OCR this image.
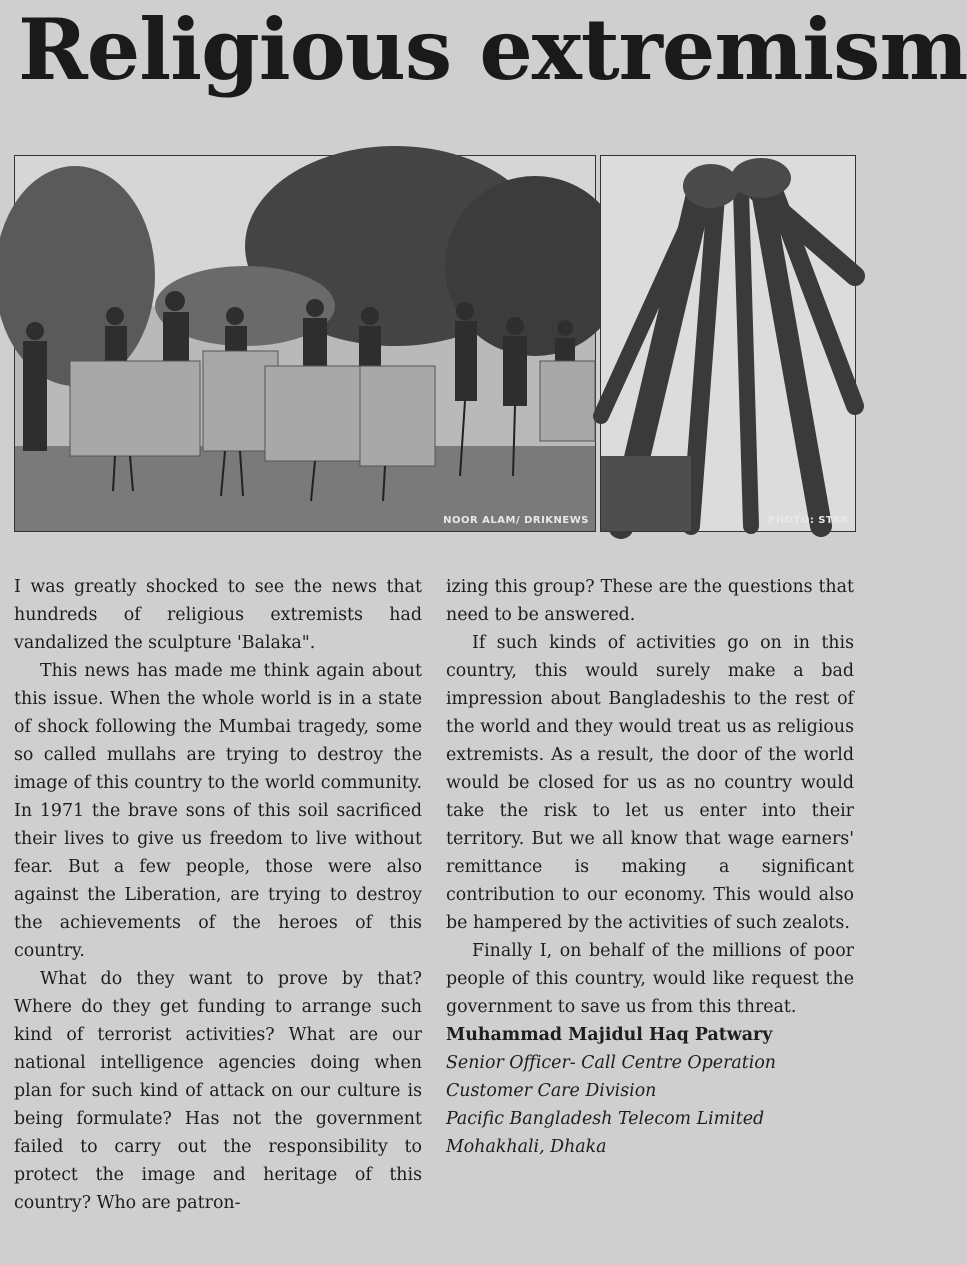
Religious extremism
NOOR ALAM/ DRIKNEWS	PHOTO: STAR

I was greatly shocked to see the news that hundreds of religious extremists had vandalized the sculpture 'Balaka".

This news has made me think again about this issue. When the whole world is in a state of shock following the Mumbai tragedy, some so called mullahs are trying to destroy the image of this country to the world community. In 1971 the brave sons of this soil sacrificed their lives to give us freedom to live without fear. But a few people, those were also against the Liberation, are trying to destroy the achievements of the heroes of this country.

What do they want to prove by that? Where do they get funding to arrange such kind of terrorist activities? What are our national intelligence agencies doing when plan for such kind of attack on our culture is being formulate? Has not the government failed to carry out the responsibility to protect the image and heritage of this country? Who are patron-

izing this group? These are the questions that need to be answered.

If such kinds of activities go on in this country, this would surely make a bad impression about Bangladeshis to the rest of the world and they would treat us as religious extremists. As a result, the door of the world would be closed for us as no country would take the risk to let us enter into their territory. But we all know that wage earners' remittance is making a significant contribution to our economy. This would also be hampered by the activities of such zealots.

Finally I, on behalf of the millions of poor people of this country, would like request the government to save us from this threat.

Muhammad Majidul Haq Patwary
Senior Officer- Call Centre Operation
Customer Care Division
Pacific Bangladesh Telecom Limited
Mohakhali, Dhaka
